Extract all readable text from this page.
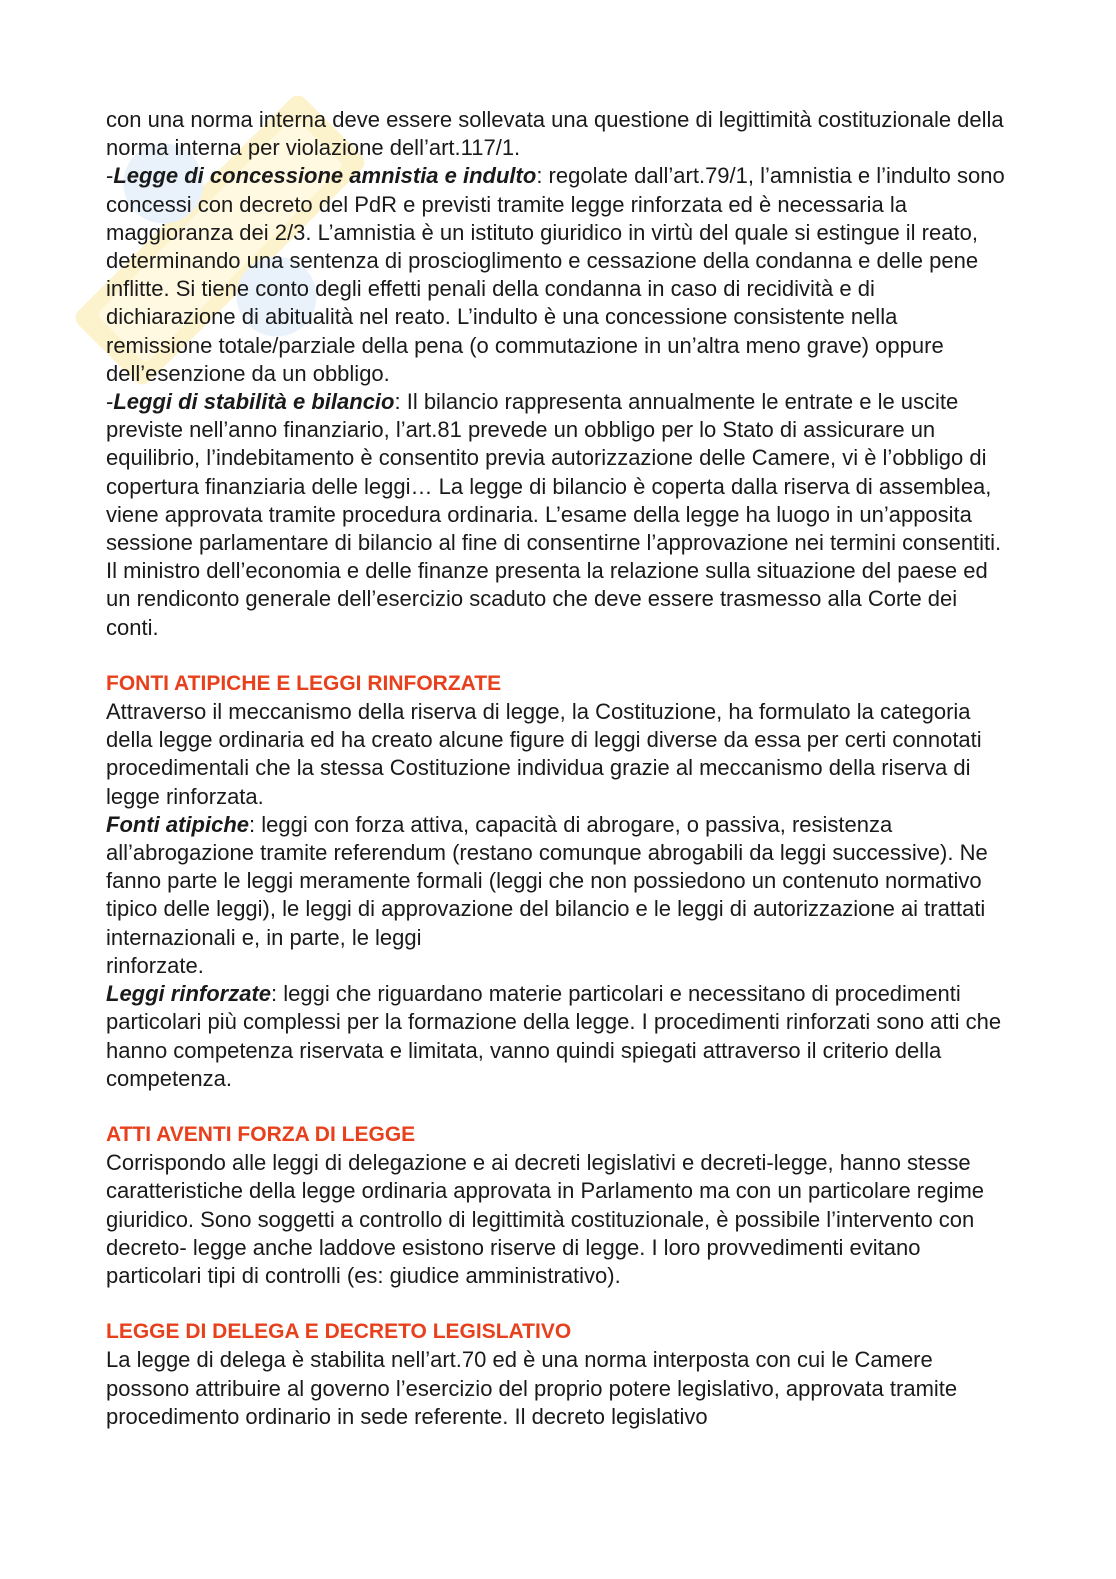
con una norma interna deve essere sollevata una questione di legittimità costituzionale della norma interna per violazione dell’art.117/1.

-Legge di concessione amnistia e indulto: regolate dall’art.79/1, l’amnistia e l’indulto sono concessi con decreto del PdR e previsti tramite legge rinforzata ed è necessaria la maggioranza dei 2/3. L’amnistia è un istituto giuridico in virtù del quale si estingue il reato, determinando una sentenza di proscioglimento e cessazione della condanna e delle pene inflitte. Si tiene conto degli effetti penali della condanna in caso di recidività e di dichiarazione di abitualità nel reato. L’indulto è una concessione consistente nella remissione totale/parziale della pena (o commutazione in un’altra meno grave) oppure dell’esenzione da un obbligo.

-Leggi di stabilità e bilancio: Il bilancio rappresenta annualmente le entrate e le uscite previste nell’anno finanziario, l’art.81 prevede un obbligo per lo Stato di assicurare un equilibrio, l’indebitamento è consentito previa autorizzazione delle Camere, vi è l’obbligo di copertura finanziaria delle leggi… La legge di bilancio è coperta dalla riserva di assemblea, viene approvata tramite procedura ordinaria. L’esame della legge ha luogo in un’apposita sessione parlamentare di bilancio al fine di consentirne l’approvazione nei termini consentiti. Il ministro dell’economia e delle finanze presenta la relazione sulla situazione del paese ed un rendiconto generale dell’esercizio scaduto che deve essere trasmesso alla Corte dei conti.

FONTI ATIPICHE E LEGGI RINFORZATE

Attraverso il meccanismo della riserva di legge, la Costituzione, ha formulato la categoria della legge ordinaria ed ha creato alcune figure di leggi diverse da essa per certi connotati procedimentali che la stessa Costituzione individua grazie al meccanismo della riserva di legge rinforzata.

Fonti atipiche: leggi con forza attiva, capacità di abrogare, o passiva, resistenza all’abrogazione tramite referendum (restano comunque abrogabili da leggi successive). Ne fanno parte le leggi meramente formali (leggi che non possiedono un contenuto normativo tipico delle leggi), le leggi di approvazione del bilancio e le leggi di autorizzazione ai trattati internazionali e, in parte, le leggi

rinforzate.

Leggi rinforzate: leggi che riguardano materie particolari e necessitano di procedimenti particolari più complessi per la formazione della legge. I procedimenti rinforzati sono atti che hanno competenza riservata e limitata, vanno quindi spiegati attraverso il criterio della competenza.

ATTI AVENTI FORZA DI LEGGE

Corrispondo alle leggi di delegazione e ai decreti legislativi e decreti-legge, hanno stesse caratteristiche della legge ordinaria approvata in Parlamento ma con un particolare regime giuridico. Sono soggetti a controllo di legittimità costituzionale, è possibile l’intervento con decreto- legge anche laddove esistono riserve di legge. I loro provvedimenti evitano particolari tipi di controlli (es: giudice amministrativo).

LEGGE DI DELEGA E DECRETO LEGISLATIVO

La legge di delega è stabilita nell’art.70 ed è una norma interposta con cui le Camere possono attribuire al governo l’esercizio del proprio potere legislativo, approvata tramite procedimento ordinario in sede referente. Il decreto legislativo
